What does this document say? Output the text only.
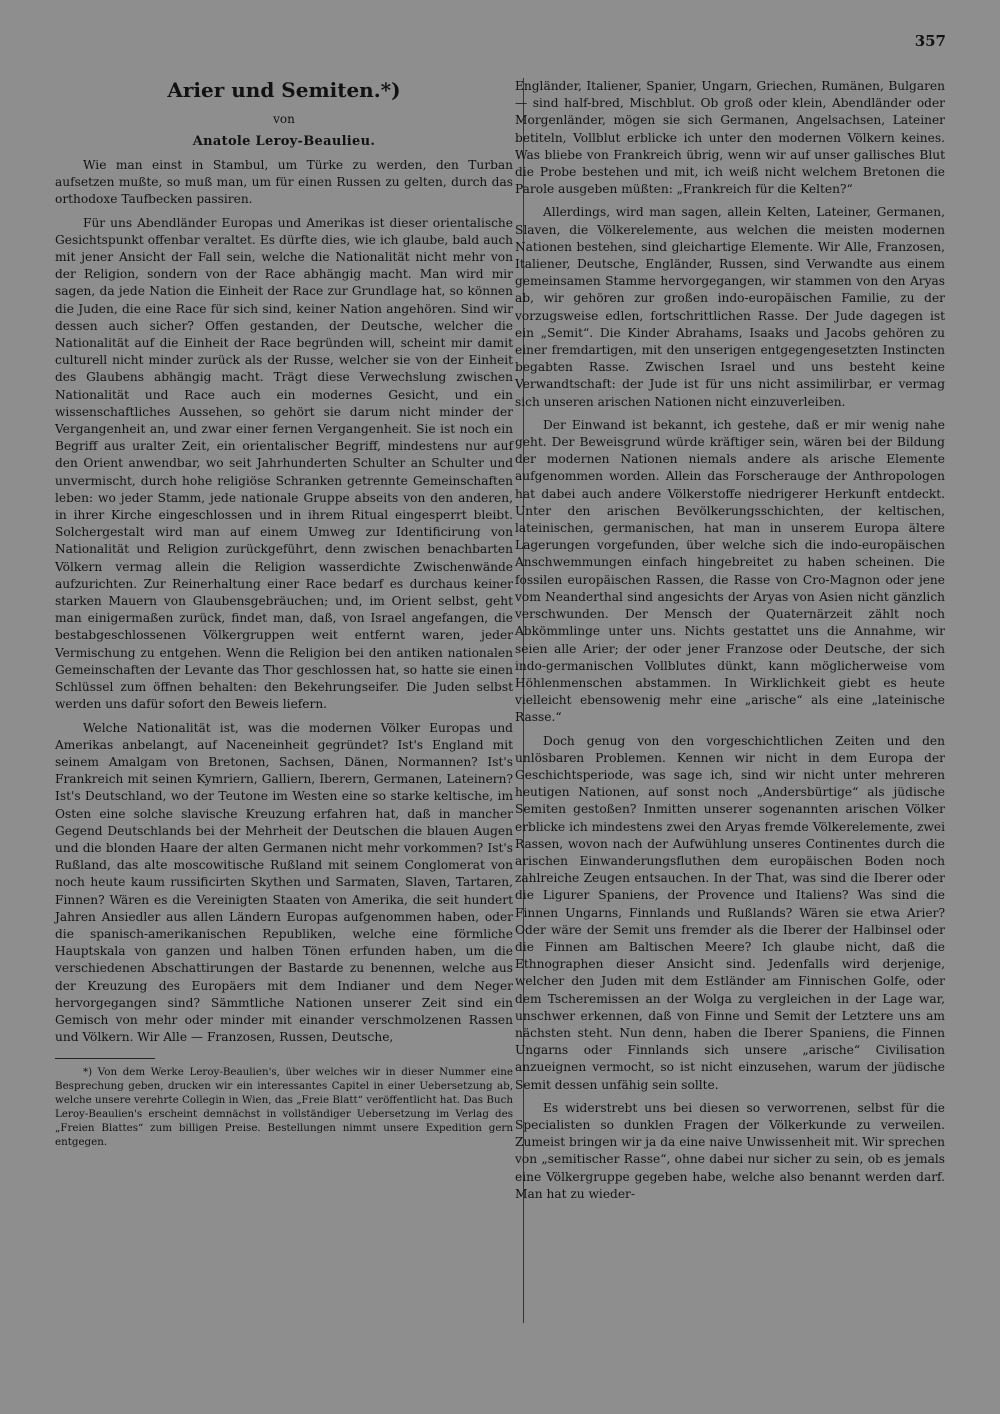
357
Arier und Semiten.*)
von
Anatole Leroy-Beaulieu.

Wie man einst in Stambul, um Türke zu werden, den Turban aufsetzen mußte, so muß man, um für einen Russen zu gelten, durch das orthodoxe Taufbecken passiren.

Für uns Abendländer Europas und Amerikas ist dieser orientalische Gesichtspunkt offenbar veraltet. Es dürfte dies, wie ich glaube, bald auch mit jener Ansicht der Fall sein, welche die Nationalität nicht mehr von der Religion, sondern von der Race abhängig macht. Man wird mir sagen, da jede Nation die Einheit der Race zur Grundlage hat, so können die Juden, die eine Race für sich sind, keiner Nation angehören. Sind wir dessen auch sicher? Offen gestanden, der Deutsche, welcher die Nationalität auf die Einheit der Race begründen will, scheint mir damit culturell nicht minder zurück als der Russe, welcher sie von der Einheit des Glaubens abhängig macht. Trägt diese Verwechslung zwischen Nationalität und Race auch ein modernes Gesicht, und ein wissenschaftliches Aussehen, so gehört sie darum nicht minder der Vergangenheit an, und zwar einer fernen Vergangenheit. Sie ist noch ein Begriff aus uralter Zeit, ein orientalischer Begriff, mindestens nur auf den Orient anwendbar, wo seit Jahrhunderten Schulter an Schulter und unvermischt, durch hohe religiöse Schranken getrennte Gemeinschaften leben: wo jeder Stamm, jede nationale Gruppe abseits von den anderen, in ihrer Kirche eingeschlossen und in ihrem Ritual eingesperrt bleibt. Solchergestalt wird man auf einem Umweg zur Identificirung von Nationalität und Religion zurückgeführt, denn zwischen benachbarten Völkern vermag allein die Religion wasserdichte Zwischenwände aufzurichten. Zur Reinerhaltung einer Race bedarf es durchaus keiner starken Mauern von Glaubensgebräuchen; und, im Orient selbst, geht man einigermaßen zurück, findet man, daß, von Israel angefangen, die bestabgeschlossenen Völkergruppen weit entfernt waren, jeder Vermischung zu entgehen. Wenn die Religion bei den antiken nationalen Gemeinschaften der Levante das Thor geschlossen hat, so hatte sie einen Schlüssel zum öffnen behalten: den Bekehrungseifer. Die Juden selbst werden uns dafür sofort den Beweis liefern.

Welche Nationalität ist, was die modernen Völker Europas und Amerikas anbelangt, auf Naceneinheit gegründet? Ist's England mit seinem Amalgam von Bretonen, Sachsen, Dänen, Normannen? Ist's Frankreich mit seinen Kymriern, Galliern, Iberern, Germanen, Lateinern? Ist's Deutschland, wo der Teutone im Westen eine so starke keltische, im Osten eine solche slavische Kreuzung erfahren hat, daß in mancher Gegend Deutschlands bei der Mehrheit der Deutschen die blauen Augen und die blonden Haare der alten Germanen nicht mehr vorkommen? Ist's Rußland, das alte moscowitische Rußland mit seinem Conglomerat von noch heute kaum russificirten Skythen und Sarmaten, Slaven, Tartaren, Finnen? Wären es die Vereinigten Staaten von Amerika, die seit hundert Jahren Ansiedler aus allen Ländern Europas aufgenommen haben, oder die spanisch-amerikanischen Republiken, welche eine förmliche Hauptskala von ganzen und halben Tönen erfunden haben, um die verschiedenen Abschattirungen der Bastarde zu benennen, welche aus der Kreuzung des Europäers mit dem Indianer und dem Neger hervorgegangen sind? Sämmtliche Nationen unserer Zeit sind ein Gemisch von mehr oder minder mit einander verschmolzenen Rassen und Völkern. Wir Alle — Franzosen, Russen, Deutsche,

*) Von dem Werke Leroy-Beaulien's, über welches wir in dieser Nummer eine Besprechung geben, drucken wir ein interessantes Capitel in einer Uebersetzung ab, welche unsere verehrte Collegin in Wien, das „Freie Blatt“ veröffentlicht hat. Das Buch Leroy-Beaulien's erscheint demnächst in vollständiger Uebersetzung im Verlag des „Freien Blattes“ zum billigen Preise. Bestellungen nimmt unsere Expedition gern entgegen.

Engländer, Italiener, Spanier, Ungarn, Griechen, Rumänen, Bulgaren — sind half-bred, Mischblut. Ob groß oder klein, Abendländer oder Morgenländer, mögen sie sich Germanen, Angelsachsen, Lateiner betiteln, Vollblut erblicke ich unter den modernen Völkern keines. Was bliebe von Frankreich übrig, wenn wir auf unser gallisches Blut die Probe bestehen und mit, ich weiß nicht welchem Bretonen die Parole ausgeben müßten: „Frankreich für die Kelten?“

Allerdings, wird man sagen, allein Kelten, Lateiner, Germanen, Slaven, die Völkerelemente, aus welchen die meisten modernen Nationen bestehen, sind gleichartige Elemente. Wir Alle, Franzosen, Italiener, Deutsche, Engländer, Russen, sind Verwandte aus einem gemeinsamen Stamme hervorgegangen, wir stammen von den Aryas ab, wir gehören zur großen indo-europäischen Familie, zu der vorzugsweise edlen, fortschrittlichen Rasse. Der Jude dagegen ist ein „Semit“. Die Kinder Abrahams, Isaaks und Jacobs gehören zu einer fremdartigen, mit den unserigen entgegengesetzten Instincten begabten Rasse. Zwischen Israel und uns besteht keine Verwandtschaft: der Jude ist für uns nicht assimilirbar, er vermag sich unseren arischen Nationen nicht einzuverleiben.

Der Einwand ist bekannt, ich gestehe, daß er mir wenig nahe geht. Der Beweisgrund würde kräftiger sein, wären bei der Bildung der modernen Nationen niemals andere als arische Elemente aufgenommen worden. Allein das Forscherauge der Anthropologen hat dabei auch andere Völkerstoffe niedrigerer Herkunft entdeckt. Unter den arischen Bevölkerungsschichten, der keltischen, lateinischen, germanischen, hat man in unserem Europa ältere Lagerungen vorgefunden, über welche sich die indo-europäischen Anschwemmungen einfach hingebreitet zu haben scheinen. Die fossilen europäischen Rassen, die Rasse von Cro-Magnon oder jene vom Neanderthal sind angesichts der Aryas von Asien nicht gänzlich verschwunden. Der Mensch der Quaternärzeit zählt noch Abkömmlinge unter uns. Nichts gestattet uns die Annahme, wir seien alle Arier; der oder jener Franzose oder Deutsche, der sich indo-germanischen Vollblutes dünkt, kann möglicherweise vom Höhlenmenschen abstammen. In Wirklichkeit giebt es heute vielleicht ebensowenig mehr eine „arische“ als eine „lateinische Rasse.“

Doch genug von den vorgeschichtlichen Zeiten und den unlösbaren Problemen. Kennen wir nicht in dem Europa der Geschichtsperiode, was sage ich, sind wir nicht unter mehreren heutigen Nationen, auf sonst noch „Andersbürtige“ als jüdische Semiten gestoßen? Inmitten unserer sogenannten arischen Völker erblicke ich mindestens zwei den Aryas fremde Völkerelemente, zwei Rassen, wovon nach der Aufwühlung unseres Continentes durch die arischen Einwanderungsfluthen dem europäischen Boden noch zahlreiche Zeugen entsauchen. In der That, was sind die Iberer oder die Ligurer Spaniens, der Provence und Italiens? Was sind die Finnen Ungarns, Finnlands und Rußlands? Wären sie etwa Arier? Oder wäre der Semit uns fremder als die Iberer der Halbinsel oder die Finnen am Baltischen Meere? Ich glaube nicht, daß die Ethnographen dieser Ansicht sind. Jedenfalls wird derjenige, welcher den Juden mit dem Estländer am Finnischen Golfe, oder dem Tscheremissen an der Wolga zu vergleichen in der Lage war, unschwer erkennen, daß von Finne und Semit der Letztere uns am nächsten steht. Nun denn, haben die Iberer Spaniens, die Finnen Ungarns oder Finnlands sich unsere „arische“ Civilisation anzueignen vermocht, so ist nicht einzusehen, warum der jüdische Semit dessen unfähig sein sollte.

Es widerstrebt uns bei diesen so verworrenen, selbst für die Specialisten so dunklen Fragen der Völkerkunde zu verweilen. Zumeist bringen wir ja da eine naive Unwissenheit mit. Wir sprechen von „semitischer Rasse“, ohne dabei nur sicher zu sein, ob es jemals eine Völkergruppe gegeben habe, welche also benannt werden darf. Man hat zu wieder-
